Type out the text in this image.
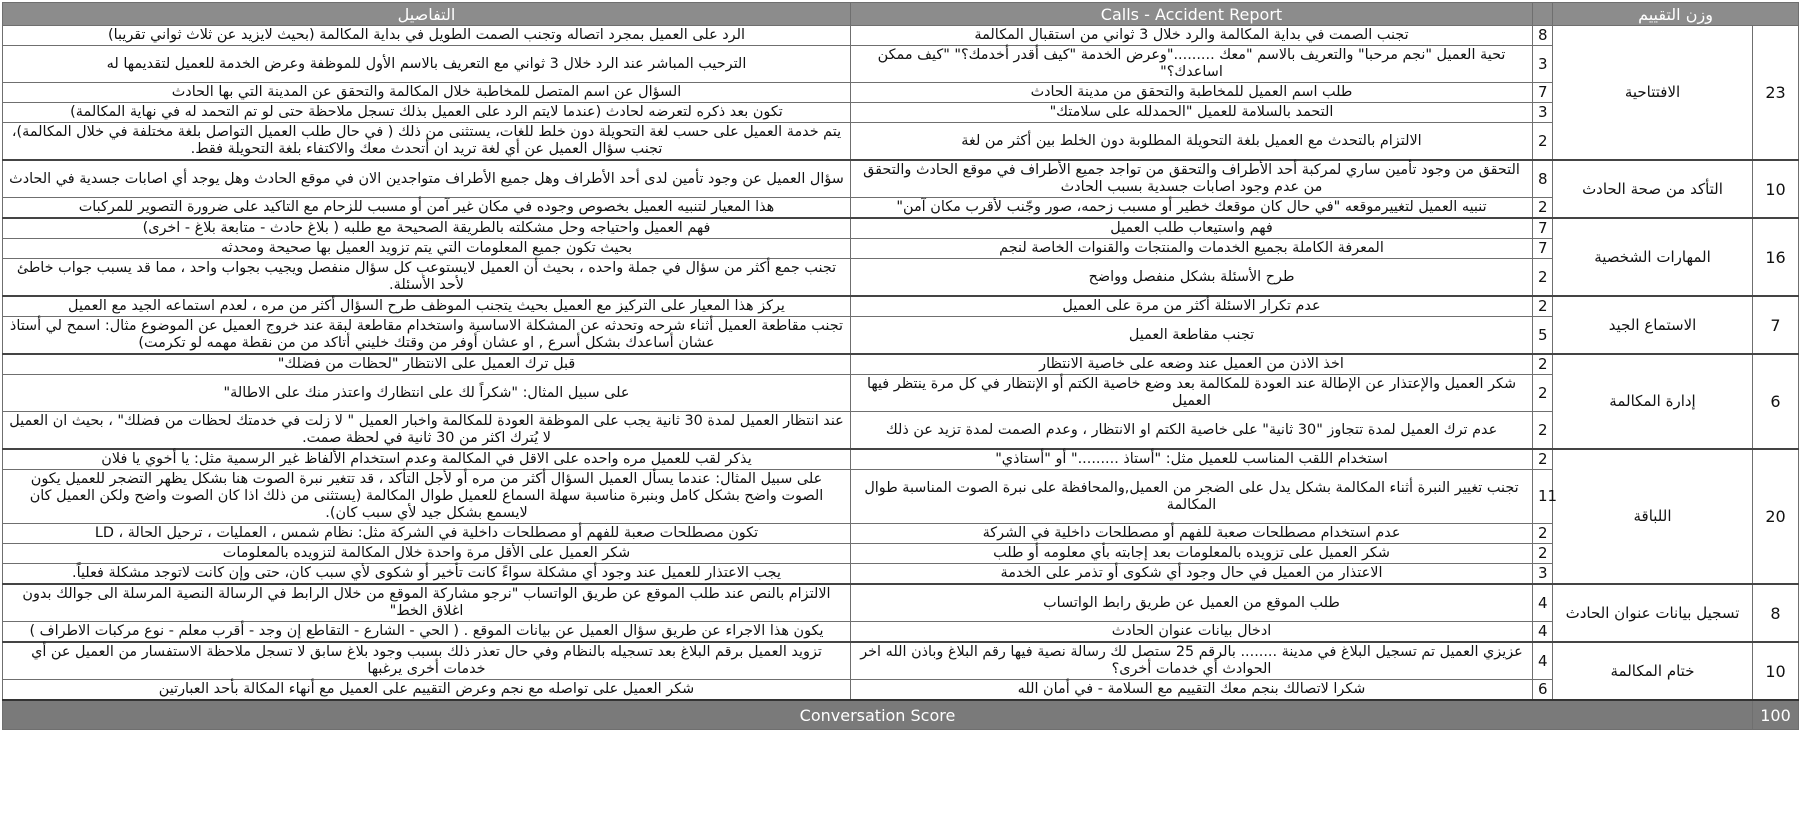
التفاصيل	Calls - Accident Report		وزن التقييم	
الرد على العميل بمجرد اتصاله وتجنب الصمت الطويل في بداية المكالمة (بحيث لايزيد عن ثلاث ثواني تقريبا)	تجنب الصمت في بداية المكالمة والرد خلال 3 ثواني من استقبال المكالمة	8	الافتتاحية	23
الترحيب المباشر عند الرد خلال 3 ثواني مع التعريف بالاسم الأول للموظفة وعرض الخدمة للعميل لتقديمها له	تحية العميل "نجم مرحبا" والتعريف بالاسم "معك ........."وعرض الخدمة "كيف أقدر أخدمك؟" "كيف ممكن اساعدك؟"	3		
السؤال عن اسم المتصل للمخاطبة خلال المكالمة والتحقق عن المدينة التي بها الحادث	طلب اسم العميل للمخاطبة والتحقق من مدينة الحادث	7		
تكون بعد ذكره لتعرضه لحادث (عندما لايتم الرد على العميل بذلك تسجل ملاحظة حتى لو تم التحمد له في نهاية المكالمة)	التحمد بالسلامة للعميل "الحمدلله على سلامتك"	3		
يتم خدمة العميل على حسب لغة التحويلة دون خلط للغات، يستثنى من ذلك ( في حال طلب العميل التواصل بلغة مختلفة في خلال المكالمة)، تجنب سؤال العميل عن أي لغة تريد ان أتحدث معك والاكتفاء بلغة التحويلة فقط.	الالتزام بالتحدث مع العميل بلغة التحويلة المطلوبة دون الخلط بين أكثر من لغة	2		
سؤال العميل عن وجود تأمين لدى أحد الأطراف وهل جميع الأطراف متواجدين الان في موقع الحادث وهل يوجد أي اصابات جسدية في الحادث	التحقق من وجود تأمين ساري لمركبة أحد الأطراف والتحقق من تواجد جميع الأطراف في موقع الحادث والتحقق من عدم وجود اصابات جسدية بسبب الحادث	8	التأكد من صحة الحادث	10
هذا المعيار لتنبيه العميل بخصوص وجوده في مكان غير آمن أو مسبب للزحام مع التاكيد على ضرورة التصوير للمركبات	تنبيه العميل لتغييرموقعه "في حال كان موقعك خطير أو مسبب زحمه، صور وجّنب لأقرب مكان آمن"	2		
فهم العميل واحتياجه وحل مشكلته بالطريقة الصحيحة مع طلبه ( بلاغ حادث - متابعة بلاغ - اخرى)	فهم واستيعاب طلب العميل	7	المهارات الشخصية	16
بحيث تكون جميع المعلومات التي يتم تزويد العميل بها صحيحة ومحدثه	المعرفة الكاملة بجميع الخدمات والمنتجات والقنوات الخاصة لنجم	7		
تجنب جمع أكثر من سؤال في جملة واحده ، بحيث أن العميل لايستوعب كل سؤال منفصل ويجيب بجواب واحد ، مما قد يسبب جواب خاطئ لأحد الأسئلة.	طرح الأسئلة بشكل منفصل وواضح	2		
يركز هذا المعيار على التركيز مع العميل بحيث يتجنب الموظف طرح السؤال أكثر من مره ، لعدم استماعه الجيد مع العميل	عدم تكرار الاسئلة أكثر من مرة على العميل	2	الاستماع الجيد	7
تجنب مقاطعة العميل أثناء شرحه وتحدثه عن المشكلة الاساسية واستخدام مقاطعة لبقة عند خروج العميل عن الموضوع مثال: اسمح لي أستاذ عشان أساعدك بشكل أسرع , او عشان أوفر من وقتك خليني أتاكد من من نقطة مهمه لو تكرمت)	تجنب مقاطعة العميل	5		
قبل ترك العميل على الانتظار "لحظات من فضلك"	اخذ الاذن من العميل عند وضعه على خاصية الانتظار	2	إدارة المكالمة	6
على سبيل المثال: "شكراً لك على انتظارك واعتذر منك على الاطالة"	شكر العميل والإعتذار عن الإطالة عند العودة للمكالمة بعد وضع خاصية الكتم أو الإنتظار في كل مرة ينتظر فيها العميل	2		
عند انتظار العميل لمدة 30 ثانية يجب على الموظفة العودة للمكالمة واخبار العميل " لا زلت في خدمتك لحظات من فضلك" ، بحيث ان العميل لا يُترك اكثر من 30 ثانية في لحظة صمت.	عدم ترك العميل لمدة تتجاوز "30 ثانية" على خاصية الكتم او الانتظار ، وعدم الصمت لمدة تزيد عن ذلك	2		
يذكر لقب للعميل مره واحده على الاقل في المكالمة وعدم استخدام الألفاظ غير الرسمية مثل: يا أخوي يا فلان	استخدام اللقب المناسب للعميل مثل: "أستاذ ........." أو "أستاذي"	2	اللباقة	20
على سبيل المثال: عندما يسأل العميل السؤال أكثر من مره أو لأجل التأكد ، قد تتغير نبرة الصوت هنا بشكل يظهر التضجر للعميل يكون الصوت واضح بشكل كامل وبنبرة مناسبة سهلة السماع للعميل طوال المكالمة (يستثنى من ذلك اذا كان الصوت واضح ولكن العميل كان لايسمع بشكل جيد لأي سبب كان).	تجنب تغيير النبرة أثناء المكالمة بشكل يدل على الضجر من العميل,والمحافظة على نبرة الصوت المناسبة طوال المكالمة	11		
تكون مصطلحات صعبة للفهم أو مصطلحات داخلية في الشركة مثل: نظام شمس ، العمليات ، ترحيل الحالة ، LD	عدم استخدام مصطلحات صعبة للفهم أو مصطلحات داخلية في الشركة	2		
شكر العميل على الأقل مرة واحدة خلال المكالمة لتزويده بالمعلومات	شكر العميل على تزويده بالمعلومات بعد إجابته بأي معلومه أو طلب	2		
يجب الاعتذار للعميل عند وجود أي مشكلة سواءً كانت تأخير أو شكوى لأي سبب كان، حتى وإن كانت لاتوجد مشكلة فعلياً.	الاعتذار من العميل في حال وجود أي شكوى أو تذمر على الخدمة	3		
الالتزام بالنص عند طلب الموقع عن طريق الواتساب "نرجو مشاركة الموقع من خلال الرابط في الرسالة النصية المرسلة الى جوالك بدون اغلاق الخط"	طلب الموقع من العميل عن طريق رابط الواتساب	4	تسجيل بيانات عنوان الحادث	8
يكون هذا الاجراء عن طريق سؤال العميل عن بيانات الموقع . ( الحي - الشارع - التقاطع إن وجد - أقرب معلم - نوع مركبات الاطراف )	ادخال بيانات عنوان الحادث	4		
تزويد العميل برقم البلاغ بعد تسجيله بالنظام وفي حال تعذر ذلك بسبب وجود بلاغ سابق لا تسجل ملاحظة الاستفسار من العميل عن أي خدمات أخرى يرغبها	عزيزي العميل تم تسجيل البلاغ في مدينة ........ بالرقم 25 ستصل لك رسالة نصية فيها رقم البلاغ وباذن الله اخر الحوادث أي خدمات أخرى؟	4	ختام المكالمة	10
شكر العميل على تواصله مع نجم وعرض التقييم على العميل مع أنهاء المكالة بأحد العبارتين	شكرا لاتصالك بنجم معك التقييم مع السلامة - في أمان الله	6		
Conversation Score				100
